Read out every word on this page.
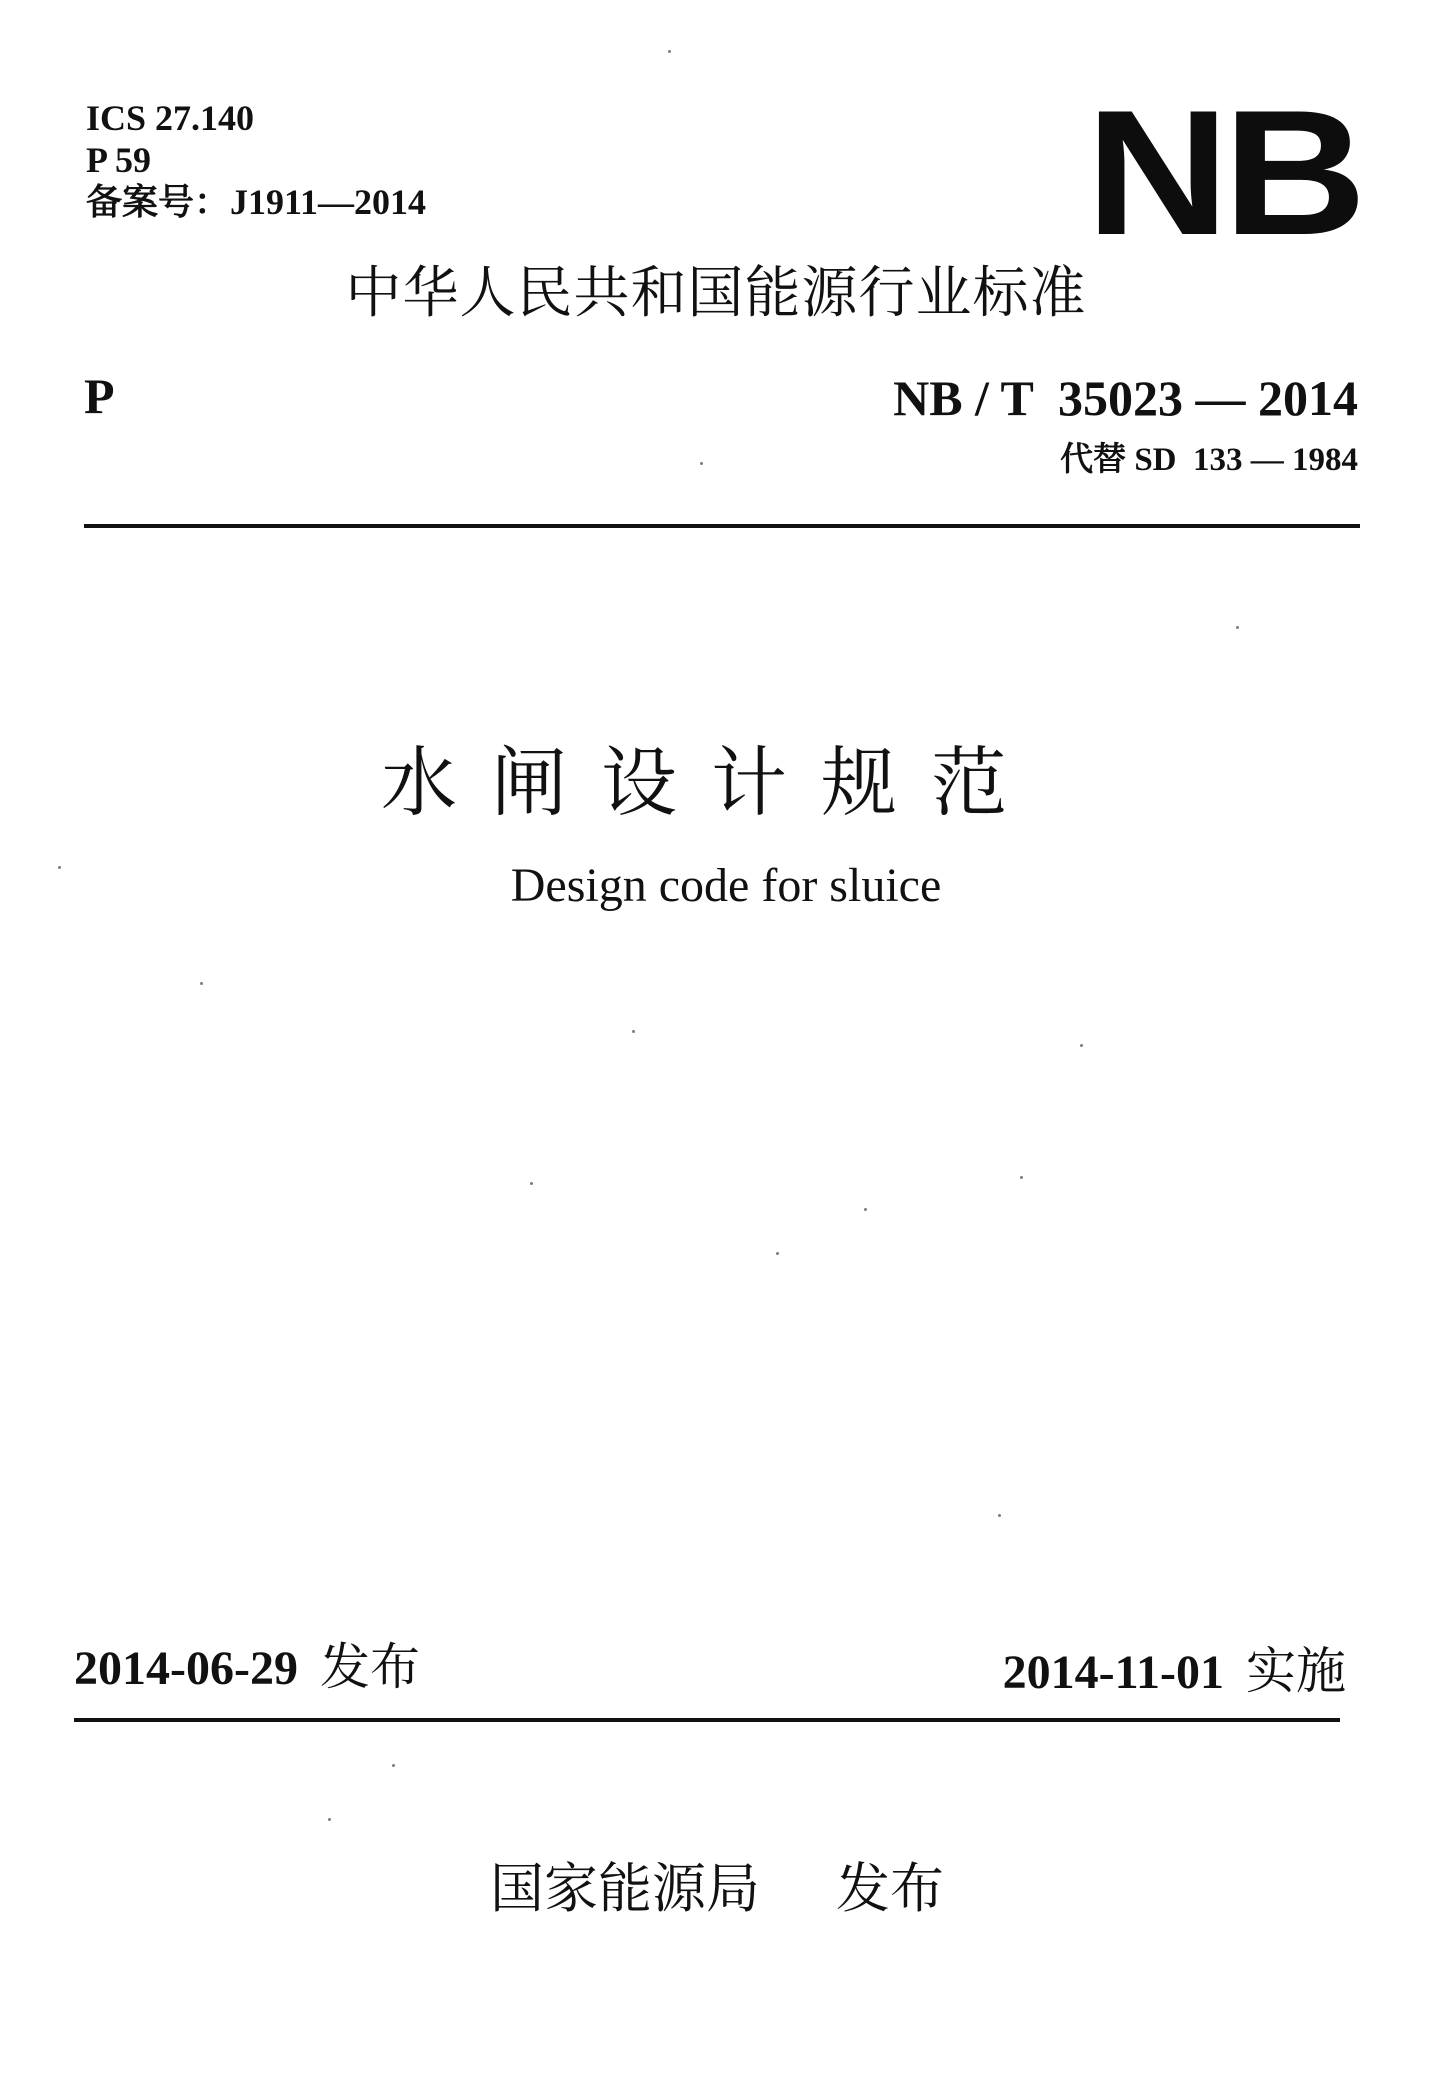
ICS 27.140
P 59
备案号：J1911—2014	NB
中华人民共和国能源行业标准
P	NB / T  35023 — 2014
代替 SD  133 — 1984
水闸设计规范
Design code for sluice
2014-06-29 发布	2014-11-01 实施
国家能源局 发布
